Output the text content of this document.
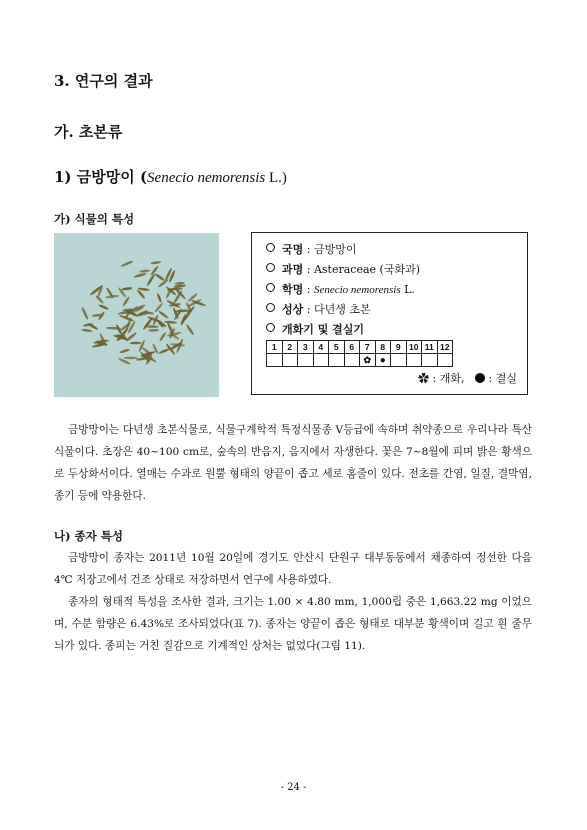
3. 연구의 결과
가. 초본류
1) 금방망이 (Senecio nemorensis L.)
가) 식물의 특성
국명 : 금방망이
과명 : Asteraceae (국화과)
학명 : Senecio nemorensis L.
성상 : 다년생 초본
개화기 및 결실기
1	2	3	4	5	6	7	8	9	10	11	12
						✿	●				
✿ : 개화, : 결실

금방망이는 다년생 초본식물로, 식물구계학적 특정식물종 V등급에 속하며 취약종으로 우리나라 특산식물이다. 초장은 40~100 cm로, 숲속의 반음지, 음지에서 자생한다. 꽃은 7~8월에 피며 밝은 황색으로 두상화서이다. 열매는 수과로 원뿔 형태의 양끝이 좁고 세로 홈줄이 있다. 전초를 간염, 일질, 결막염, 종기 등에 약용한다.

나) 종자 특성

금방망이 종자는 2011년 10월 20일에 경기도 안산시 단원구 대부동동에서 채종하여 정선한 다음 4℃ 저장고에서 건조 상태로 저장하면서 연구에 사용하였다.

종자의 형태적 특성을 조사한 결과, 크기는 1.00 × 4.80 mm, 1,000립 중은 1,663.22 mg 이었으며, 수분 함량은 6.43%로 조사되었다(표 7). 종자는 양끝이 좁은 형태로 대부분 황색이며 길고 흰 줄무늬가 있다. 종피는 거친 질감으로 기계적인 상처는 없었다(그림 11).

- 24 -
